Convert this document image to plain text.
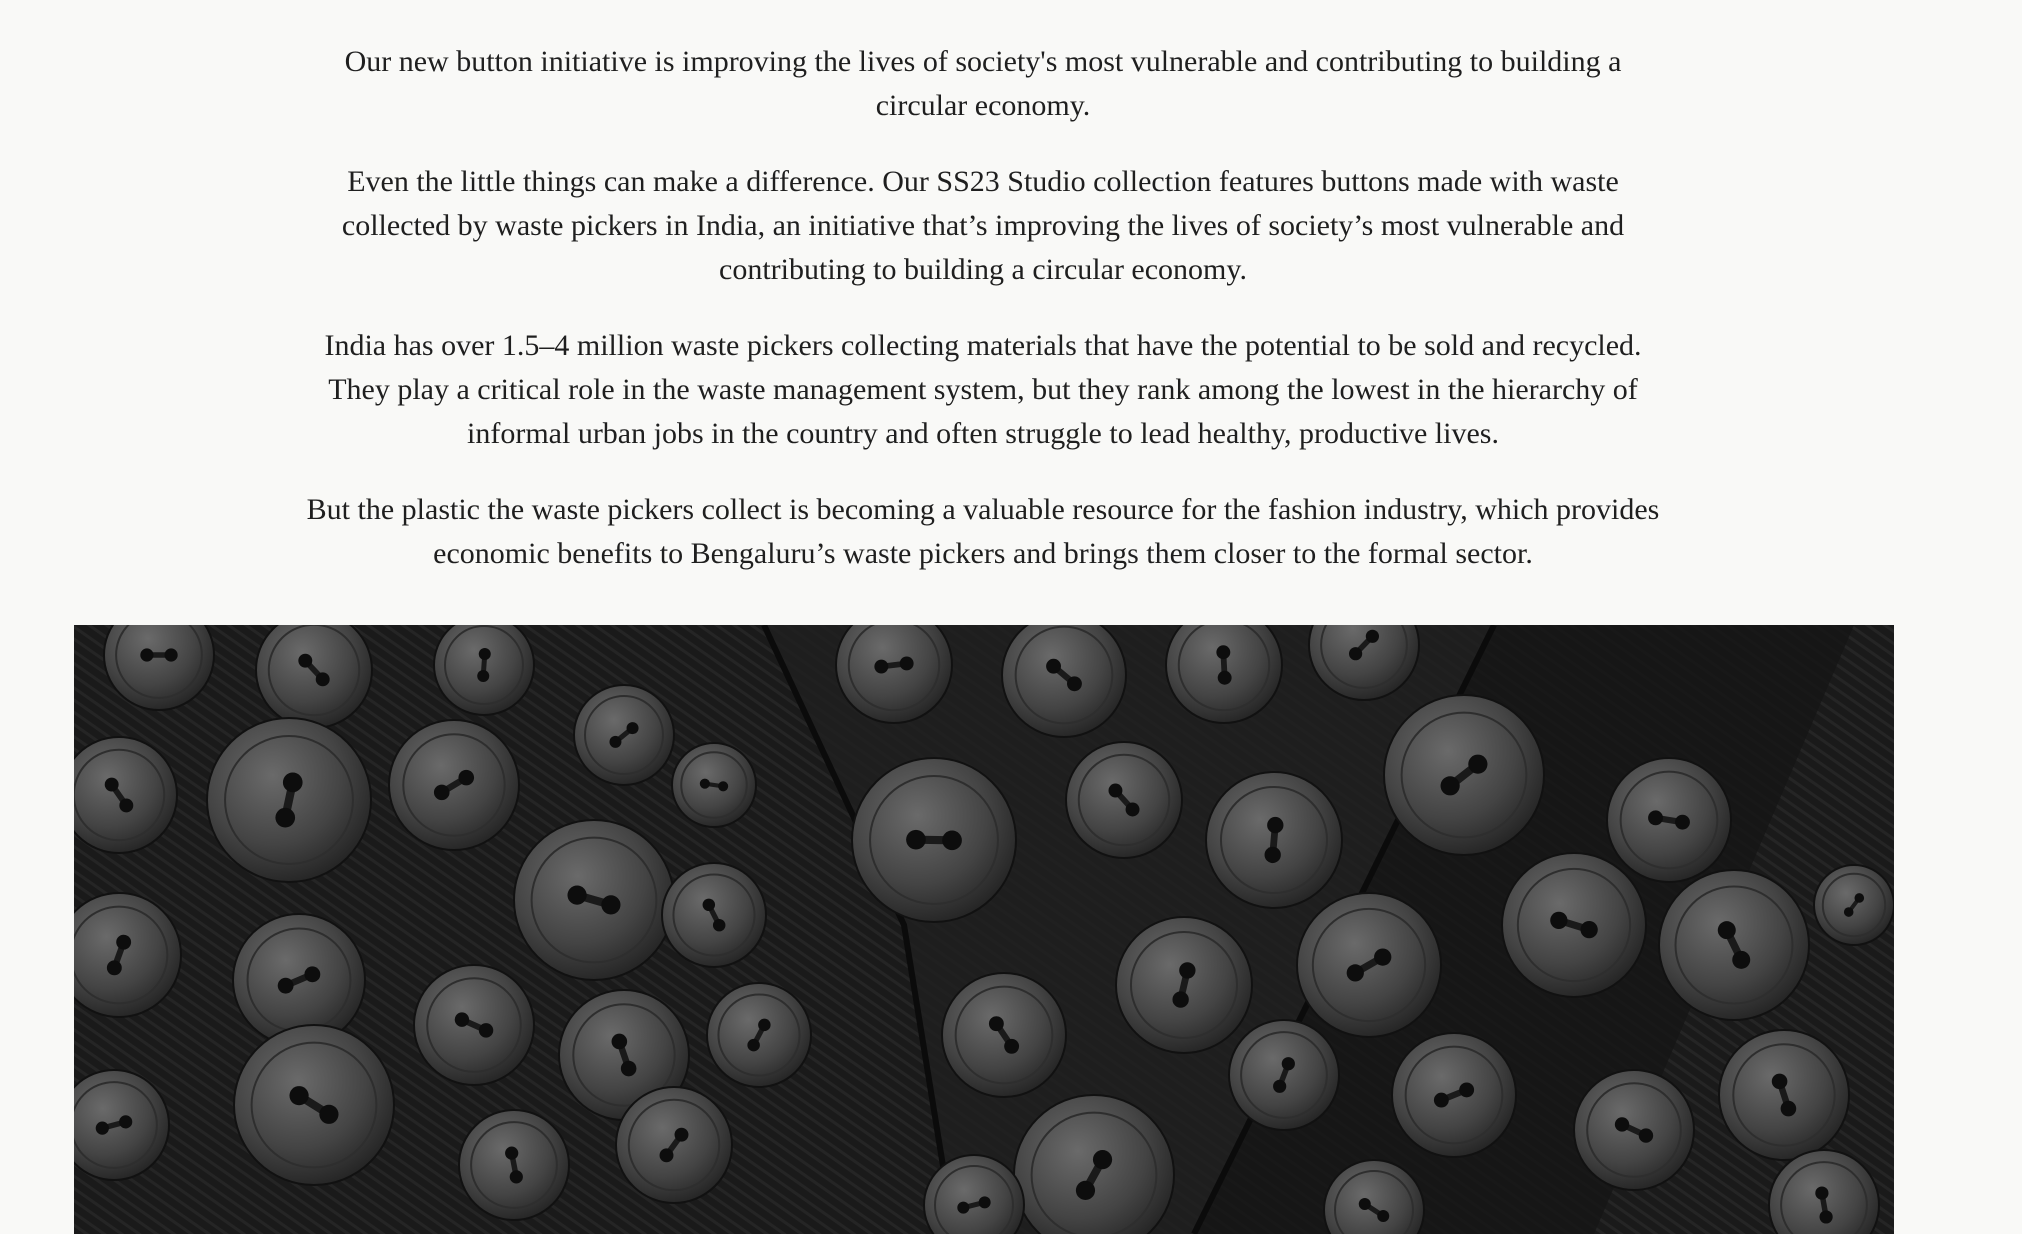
Our new button initiative is improving the lives of society's most vulnerable and contributing to building a circular economy.

Even the little things can make a difference. Our SS23 Studio collection features buttons made with waste collected by waste pickers in India, an initiative that’s improving the lives of society’s most vulnerable and contributing to building a circular economy.

India has over 1.5–4 million waste pickers collecting materials that have the potential to be sold and recycled. They play a critical role in the waste management system, but they rank among the lowest in the hierarchy of informal urban jobs in the country and often struggle to lead healthy, productive lives.

But the plastic the waste pickers collect is becoming a valuable resource for the fashion industry, which provides economic benefits to Bengaluru’s waste pickers and brings them closer to the formal sector.
